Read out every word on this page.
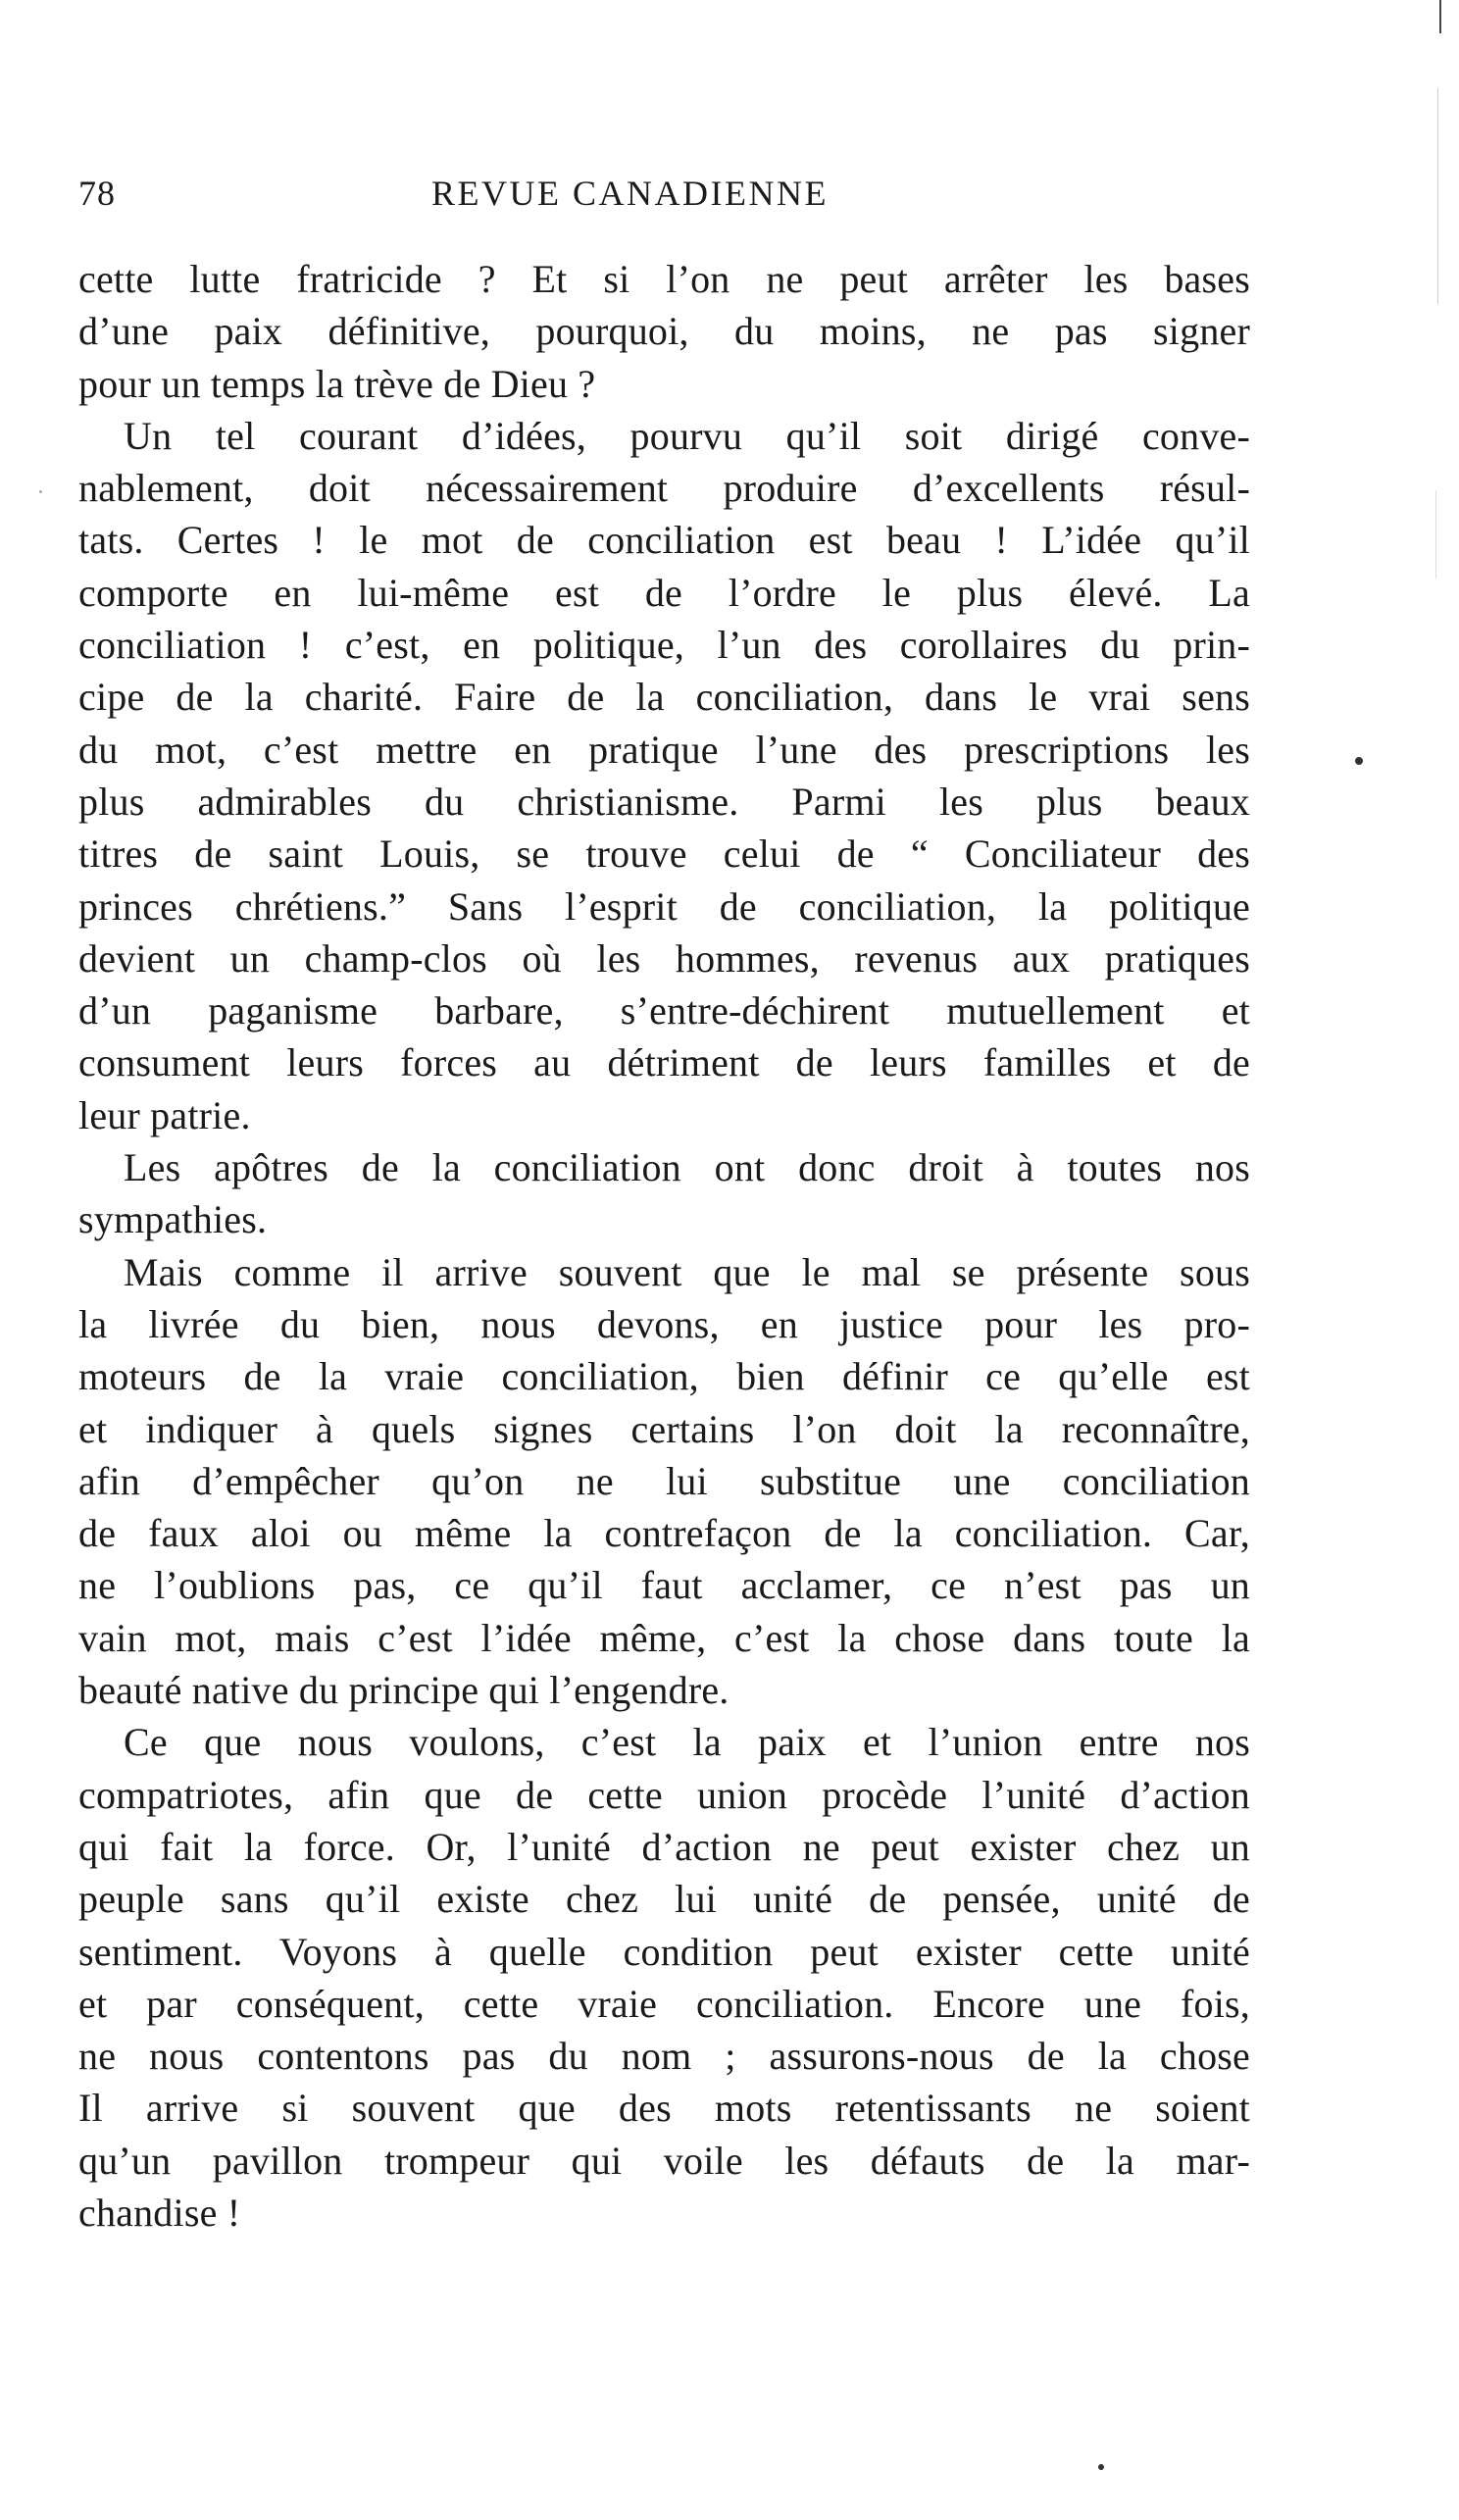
78	REVUE CANADIENNE
cette lutte fratricide ? Et si l’on ne peut arrêter les bases
d’une paix définitive, pourquoi, du moins, ne pas signer
pour un temps la trève de Dieu ?
Un tel courant d’idées, pourvu qu’il soit dirigé conve-
nablement, doit nécessairement produire d’excellents résul-
tats. Certes ! le mot de conciliation est beau ! L’idée qu’il
comporte en lui-même est de l’ordre le plus élevé. La
conciliation ! c’est, en politique, l’un des corollaires du prin-
cipe de la charité. Faire de la conciliation, dans le vrai sens
du mot, c’est mettre en pratique l’une des prescriptions les
plus admirables du christianisme. Parmi les plus beaux
titres de saint Louis, se trouve celui de “ Conciliateur des
princes chrétiens.” Sans l’esprit de conciliation, la politique
devient un champ-clos où les hommes, revenus aux pratiques
d’un paganisme barbare, s’entre-déchirent mutuellement et
consument leurs forces au détriment de leurs familles et de
leur patrie.
Les apôtres de la conciliation ont donc droit à toutes nos
sympathies.
Mais comme il arrive souvent que le mal se présente sous
la livrée du bien, nous devons, en justice pour les pro-
moteurs de la vraie conciliation, bien définir ce qu’elle est
et indiquer à quels signes certains l’on doit la reconnaître,
afin d’empêcher qu’on ne lui substitue une conciliation
de faux aloi ou même la contrefaçon de la conciliation. Car,
ne l’oublions pas, ce qu’il faut acclamer, ce n’est pas un
vain mot, mais c’est l’idée même, c’est la chose dans toute la
beauté native du principe qui l’engendre.
Ce que nous voulons, c’est la paix et l’union entre nos
compatriotes, afin que de cette union procède l’unité d’action
qui fait la force. Or, l’unité d’action ne peut exister chez un
peuple sans qu’il existe chez lui unité de pensée, unité de
sentiment. Voyons à quelle condition peut exister cette unité
et par conséquent, cette vraie conciliation. Encore une fois,
ne nous contentons pas du nom ; assurons-nous de la chose
Il arrive si souvent que des mots retentissants ne soient
qu’un pavillon trompeur qui voile les défauts de la mar-
chandise !
